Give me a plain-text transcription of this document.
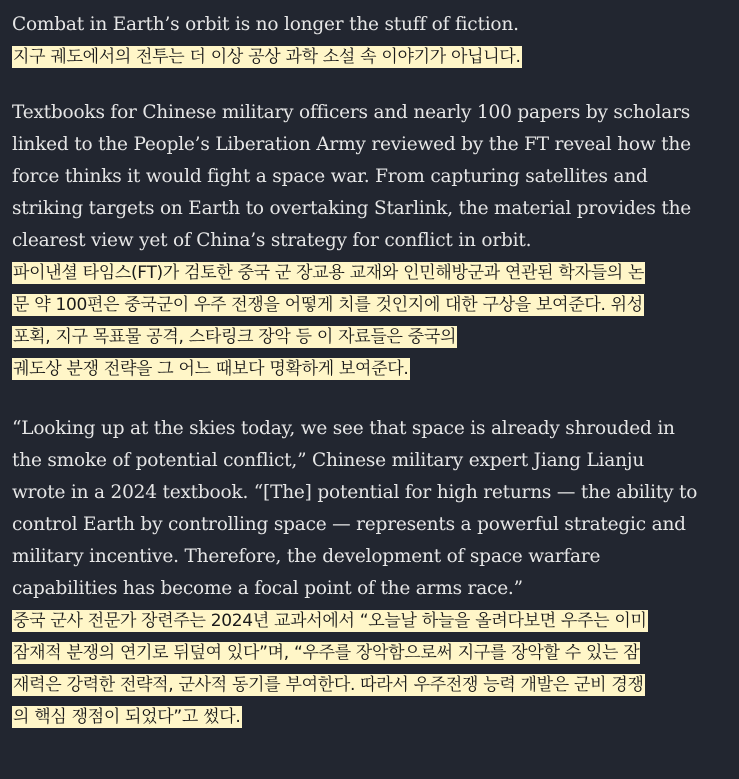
Combat in Earth’s orbit is no longer the stuff of fiction.

지구 궤도에서의 전투는 더 이상 공상 과학 소설 속 이야기가 아닙니다.

Textbooks for Chinese military officers and nearly 100 papers by scholars linked to the People’s Liberation Army reviewed by the FT reveal how the force thinks it would fight a space war. From capturing satellites and striking targets on Earth to overtaking Starlink, the material provides the clearest view yet of China’s strategy for conflict in orbit.

파이낸셜 타임스(FT)가 검토한 중국 군 장교용 교재와 인민해방군과 연관된 학자들의 논
문 약 100편은 중국군이 우주 전쟁을 어떻게 치를 것인지에 대한 구상을 보여준다. 위성
포획, 지구 목표물 공격, 스타링크 장악 등 이 자료들은 중국의
궤도상 분쟁 전략을 그 어느 때보다 명확하게 보여준다.

“Looking up at the skies today, we see that space is already shrouded in the smoke of potential conflict,” Chinese military expert Jiang Lianju wrote in a 2024 textbook. “[The] potential for high returns — the ability to control Earth by controlling space — represents a powerful strategic and military incentive. Therefore, the development of space warfare capabilities has become a focal point of the arms race.”

중국 군사 전문가 장련주는 2024년 교과서에서 “오늘날 하늘을 올려다보면 우주는 이미
잠재적 분쟁의 연기로 뒤덮여 있다”며, “우주를 장악함으로써 지구를 장악할 수 있는 잠
재력은 강력한 전략적, 군사적 동기를 부여한다. 따라서 우주전쟁 능력 개발은 군비 경쟁
의 핵심 쟁점이 되었다”고 썼다.
